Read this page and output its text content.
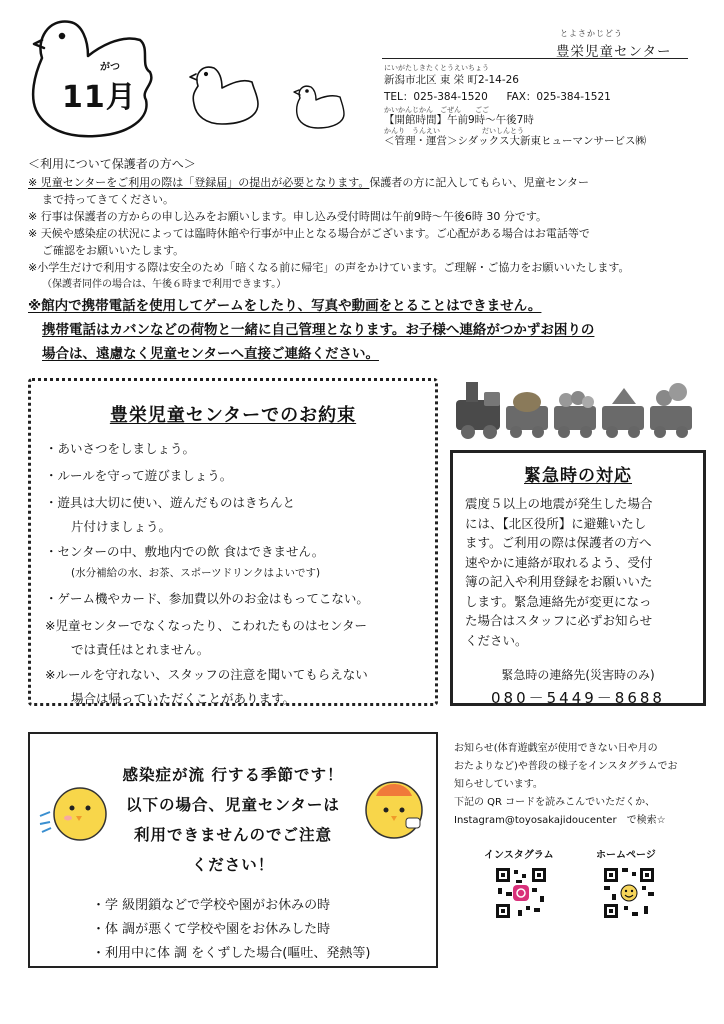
がつ
11月
とよさかじどう
豊栄児童センター
にいがたしきたくとうえいちょう
新潟市北区 東 栄 町2-14-26
TEL：025-384-1520 FAX：025-384-1521
かいかんじかん　ごぜん　　ごご
【開館時間】午前9時～午後7時
かんり　うんえい　　　　　　だいしんとう
＜管理・運営＞シダックス大新東ヒューマンサービス㈱
＜利用について保護者の方へ＞
※ 児童センターをご利用の際は「登録届」の提出が必要となります。保護者の方に記入してもらい、児童センター
まで持ってきてください。
※ 行事は保護者の方からの申し込みをお願いします。申し込み受付時間は午前9時～午後6時 30 分です。
※ 天候や感染症の状況によっては臨時休館や行事が中止となる場合がございます。ご心配がある場合はお電話等で
ご確認をお願いいたします。
※小学生だけで利用する際は安全のため「暗くなる前に帰宅」の声をかけています。ご理解・ご協力をお願いいたします。
（保護者同伴の場合は、午後６時まで利用できます。）
※館内で携帯電話を使用してゲームをしたり、写真や動画をとることはできません。
携帯電話はカバンなどの荷物と一緒に自己管理となります。お子様へ連絡がつかずお困りの
場合は、遠慮なく児童センターへ直接ご連絡ください。
豊栄児童センターでのお約束
・あいさつをしましょう。
・ルールを守って遊びましょう。
・遊具は大切に使い、遊んだものはきちんと
片付けましょう。
・センターの中、敷地内での飲 食はできません。
(水分補給の水、お茶、スポーツドリンクはよいです)
・ゲーム機やカード、参加費以外のお金はもってこない。
※児童センターでなくなったり、こわれたものはセンター
では責任はとれません。
※ルールを守れない、スタッフの注意を聞いてもらえない
場合は帰っていただくことがあります。
緊急時の対応
震度５以上の地震が発生した場合
には、【北区役所】に避難いたし
ます。ご利用の際は保護者の方へ
速やかに連絡が取れるよう、受付
簿の記入や利用登録をお願いいた
します。緊急連絡先が変更になっ
た場合はスタッフに必ずお知らせ
ください。
緊急時の連絡先(災害時のみ)
080－5449－8688
感染症が流 行する季節です！
以下の場合、児童センターは
利用できませんのでご注意
ください！
・学 級閉鎖などで学校や園がお休みの時
・体 調が悪くて学校や園をお休みした時
・利用中に体 調 をくずした場合(嘔吐、発熱等)
お知らせ(体育遊戯室が使用できない日や月の
おたよりなど)や普段の様子をインスタグラムでお
知らせしています。
下記の QR コードを読みこんでいただくか、
Instagram@toyosakajidoucenter　で検索☆
インスタグラム	ホームページ
